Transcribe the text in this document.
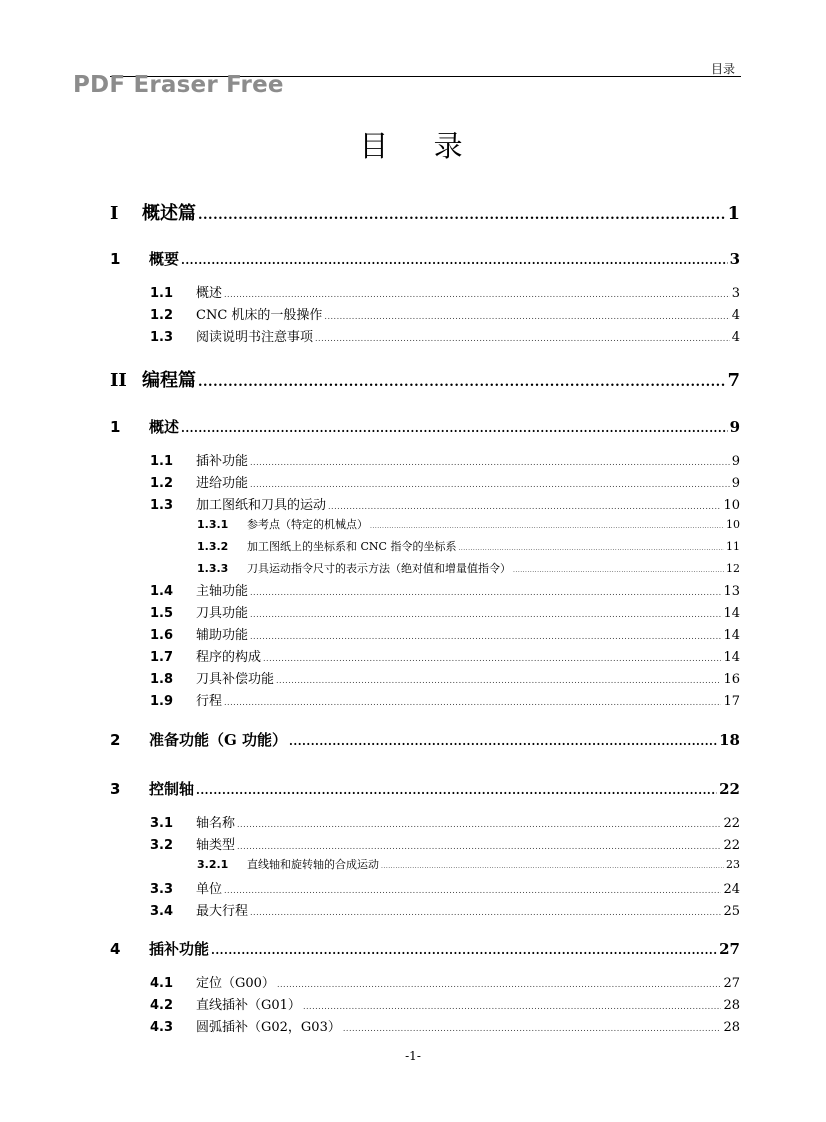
目录
PDF Eraser Free
目 录
I	概述篇 .....	1
1	概要 .....	3
1.1	概述 .....	3
1.2	CNC 机床的一般操作 .....	4
1.3	阅读说明书注意事项 .....	4
II 编程篇 .....	7
1	概述 .....	9
1.1	插补功能 .....	9
1.2	进给功能 .....	9
1.3	加工图纸和刀具的运动 .....	10
1.3.1	参考点（特定的机械点） .....	10
1.3.2	加工图纸上的坐标系和 CNC 指令的坐标系 .....	11
1.3.3	刀具运动指令尺寸的表示方法（绝对值和增量值指令） .....	12
1.4	主轴功能 .....	13
1.5	刀具功能 .....	14
1.6	辅助功能 .....	14
1.7	程序的构成 .....	14
1.8	刀具补偿功能 .....	16
1.9	行程 .....	17
2	准备功能（G 功能） .....	18
3	控制轴 .....	22
3.1	轴名称 .....	22
3.2	轴类型 .....	22
3.2.1	直线轴和旋转轴的合成运动 .....	23
3.3	单位 .....	24
3.4	最大行程 .....	25
4	插补功能 .....	27
4.1	定位（G00） .....	27
4.2	直线插补（G01） .....	28
4.3	圆弧插补（G02，G03） .....	28
-1-
